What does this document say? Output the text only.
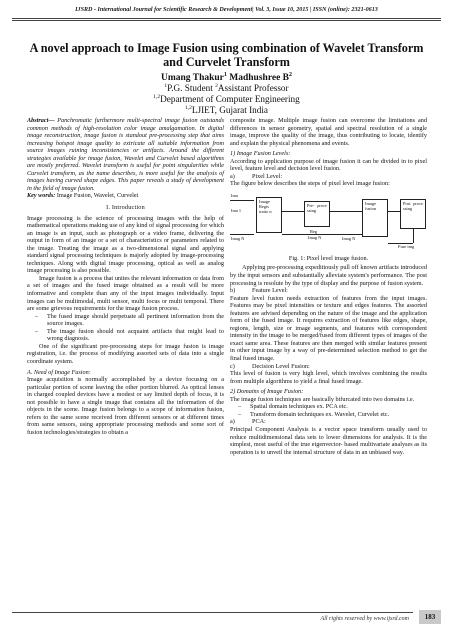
IJSRD - International Journal for Scientific Research & Development| Vol. 3, Issue 10, 2015 | ISSN (online): 2321-0613
A novel approach to Image Fusion using combination of Wavelet Transform and Curvelet Transform
Umang Thakur$^1$ Madhushree $B^2$
$^1$P.G. Student $^2$Assistant Professor
$^{1,2}$Department of Computer Engineering
$^{1,2}$LJIET, Gujarat India

Abstract— Panchromatic furthermore multi-spectral image fusion outstands common methods of high-resolution color image amalgamation. In digital image reconstruction, image fusion is standout pre-processing step that aims increasing hotspot image quality to extricate all suitable information from source images ruining inconsistencies or artifacts. Around the different strategies available for image fusion, Wavelet and Curvelet based algorithms are mostly preferred. Wavelet transform is useful for point singularities while Curvelet transform, as the name describes, is more useful for the analysis of images having curved shape edges. This paper reveals a study of development in the field of image fusion.

Key words: Image Fusion, Wavelet, Curvelet

I. Introduction

Image processing is the science of processing images with the help of mathematical operations making use of any kind of signal processing for which an image is an input, such as photograph or a video frame, delivering the output in form of an image or a set of characteristics or parameters related to the image. Treating the image as a two-dimensional signal and applying standard signal processing techniques is majorly adopted by image-processing techniques. Along with digital image processing, optical as well as analog image processing is also possible.

Image fusion is a process that unites the relevant information or data from a set of images and the fused image obtained as a result will be more informative and complete than any of the input images individually. Input images can be multimodal, multi sensor, multi focus or multi temporal. There are some grievous requirements for the image fusion process.

–	The fused image should perpetuate all pertinent information from the source images.

–	The image fusion should not acquaint artifacts that might lead to wrong diagnosis.

One of the significant pre-processing steps for image fusion is image registration, i.e. the process of modifying assorted sets of data into a single coordinate system.

A. Need of Image Fusion:

Image acquisition is normally accomplished by a device focusing on a particular portion of scene leaving the other portion blurred. As optical lenses in charged coupled devices have a modest or say limited depth of focus, it is not possible to have a single image that contains all the information of the objects in the scene. Image fusion belongs to a scope of information fusion, refers to the same scene received from different sensors or at different times from same sensors, using appropriate processing methods and some sort of fusion technologies/strategies to obtain a

composite image. Multiple image fusion can overcome the limitations and differences in sensor geometry, spatial and spectral resolution of a single image, improve the quality of the image, thus contributing to locate, identify and explain the physical phenomena and events.

1) Image Fusion Levels:

According to application purpose of image fusion it can be divided in to pixel level, feature level and decision level fusion.

a)	Pixel Level:

The figure below describes the steps of pixel level image fusion:

Ima
Ima 1
Imag N
Image Regis tratio n
Pre- proce ssing
Reg
Imag N	Imag N
Image fusion
Post proce ssing
Fuse img

Fig. 1: Pixel level image fusion.

Applying pre-processing expeditiously pull off known artifacts introduced by the input sensors and substantially alleviate system's performance. The post processing is resolute by the type of display and the purpose of fusion system.

b)	Feature Level:

Feature level fusion needs extraction of features from the input images. Features may be pixel intensities or texture and edges features. The assorted features are advised depending on the nature of the image and the application form of the fused image. It requires extraction of features like edges, shape, regions, length, size or image segments, and features with correspondent intensity in the image to be merged/fused from different types of images of the exact same area. These features are then merged with similar features present in other input image by a way of pre-determined selection method to get the final fused image.

c)	Decision Level Fusion:

This level of fusion is very high level, which involves combining the results from multiple algorithms to yield a final fused image.

2) Domains of Image Fusion:

The image fusion techniques are basically bifurcated into two domains i.e.

–	Spatial domain techniques ex. PCA etc.

–	Transform domain techniques ex. Wavelet, Curvelet etc.

a)	PCA:

Principal Component Analysis is a vector space transform usually used to reduce multidimensional data sets to lower dimensions for analysis. It is the simplest, most useful of the true eigenvector- based multivariate analyses as its operation is to unveil the internal structure of data in an unbiased way.

All rights reserved by www.ijsrd.com	183
